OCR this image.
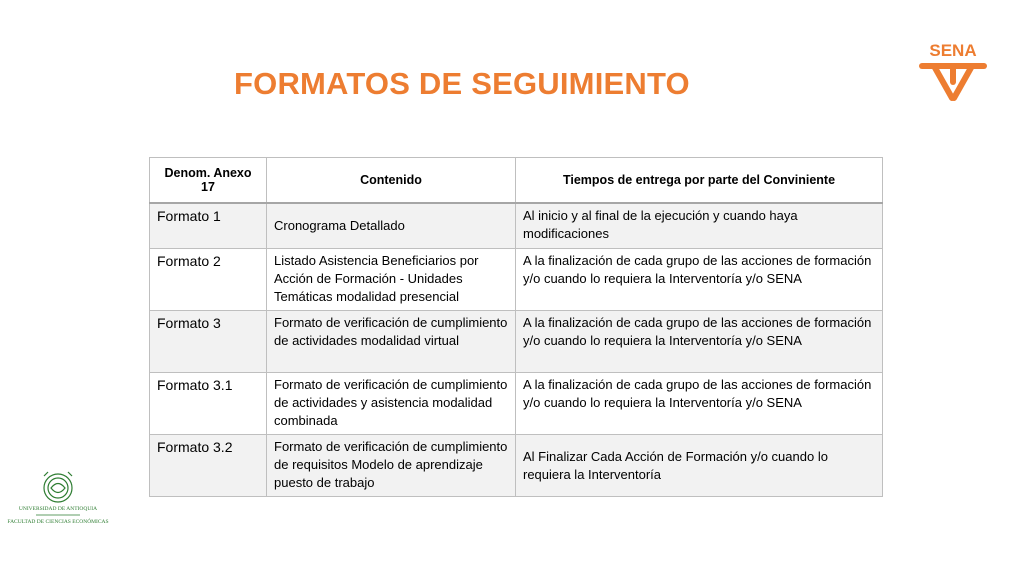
FORMATOS DE SEGUIMIENTO
SENA
Denom. Anexo 17	Contenido	Tiempos de entrega por parte del Conviniente
Formato 1	Cronograma Detallado	Al inicio y al final de la ejecución y cuando haya modificaciones
Formato 2	Listado Asistencia Beneficiarios por Acción de Formación - Unidades Temáticas modalidad presencial	A la finalización de cada grupo de las acciones de formación y/o cuando lo requiera la Interventoría y/o SENA
Formato 3	Formato de verificación de cumplimiento de actividades modalidad virtual	A la finalización de cada grupo de las acciones de formación y/o cuando lo requiera la Interventoría y/o SENA
Formato 3.1	Formato de verificación de cumplimiento de actividades y asistencia modalidad combinada	A la finalización de cada grupo de las acciones de formación y/o cuando lo requiera la Interventoría y/o SENA
Formato 3.2	Formato de verificación de cumplimiento de requisitos Modelo de aprendizaje puesto de trabajo	Al Finalizar Cada Acción de Formación y/o cuando lo requiera la Interventoría
UNIVERSIDAD DE ANTIOQUIA
FACULTAD DE CIENCIAS ECONÓMICAS
